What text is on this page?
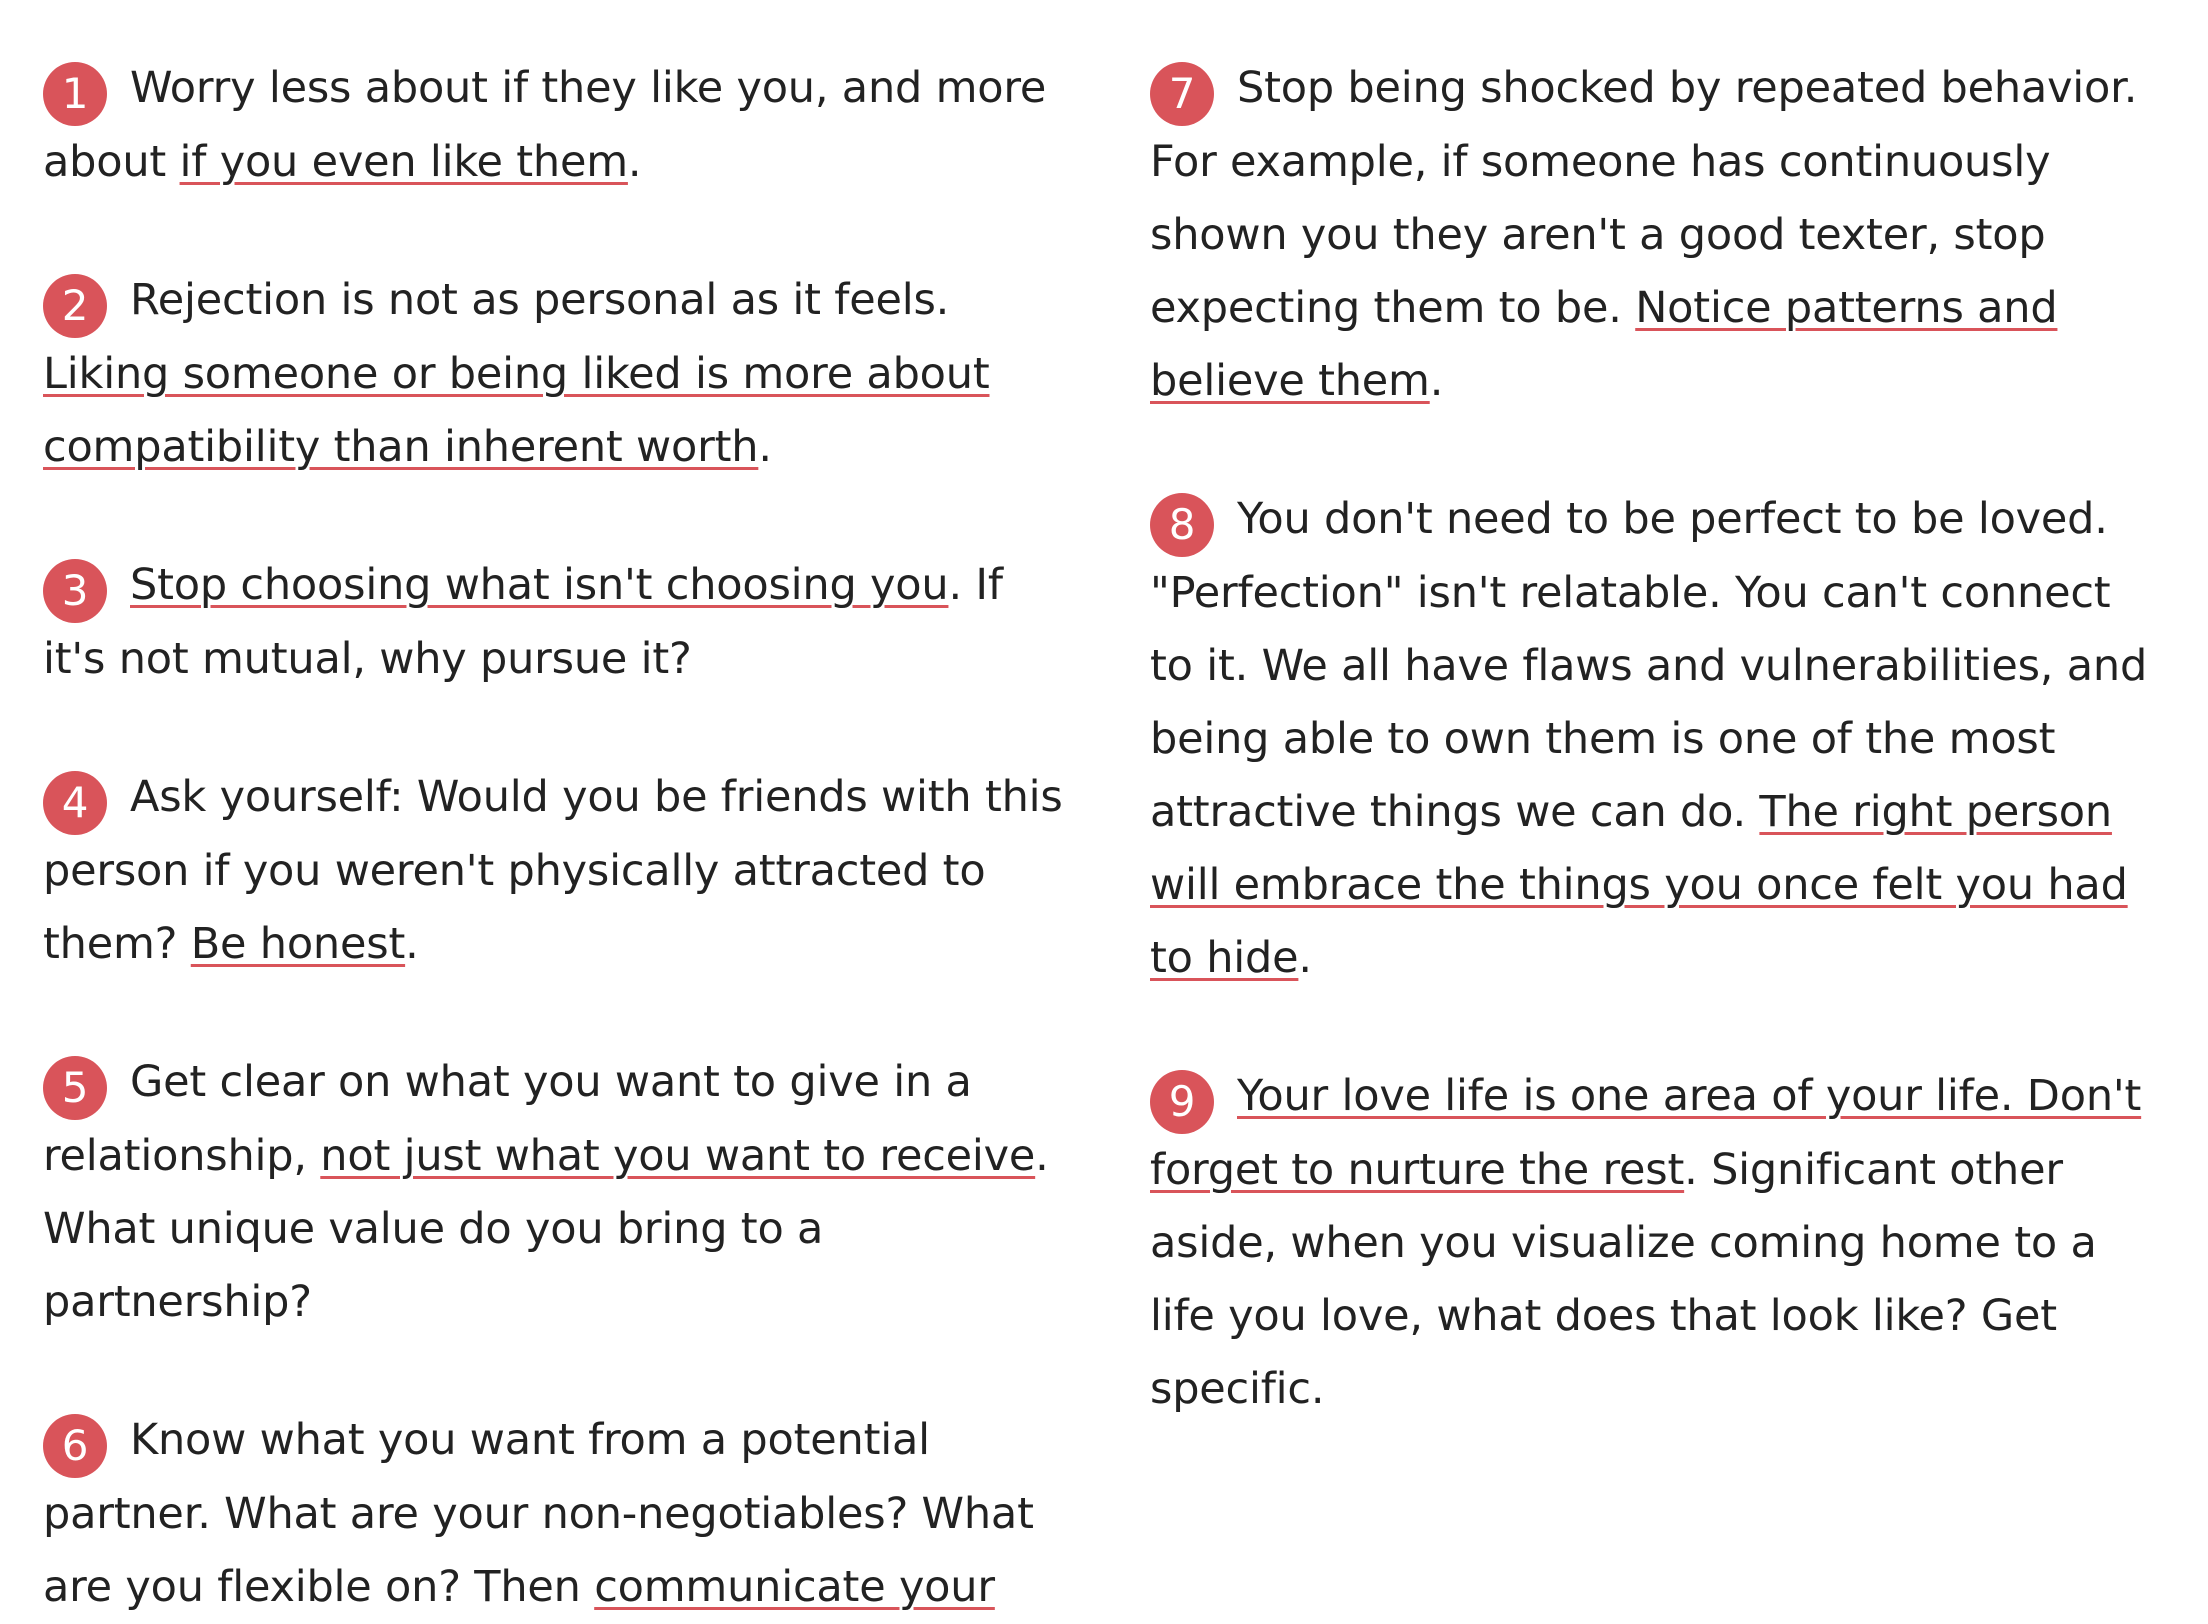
1 Worry less about if they like you, and more about if you even like them.

2 Rejection is not as personal as it feels. Liking someone or being liked is more about compatibility than inherent worth.

3 Stop choosing what isn't choosing you. If it's not mutual, why pursue it?

4 Ask yourself: Would you be friends with this person if you weren't physically attracted to them? Be honest.

5 Get clear on what you want to give in a relationship, not just what you want to receive. What unique value do you bring to a partnership?

6 Know what you want from a potential partner. What are your non-negotiables? What are you flexible on? Then communicate your

7 Stop being shocked by repeated behavior. For example, if someone has continuously shown you they aren't a good texter, stop expecting them to be. Notice patterns and believe them.

8 You don't need to be perfect to be loved. "Perfection" isn't relatable. You can't connect to it. We all have flaws and vulnerabilities, and being able to own them is one of the most attractive things we can do. The right person will embrace the things you once felt you had to hide.

9 Your love life is one area of your life. Don't forget to nurture the rest. Significant other aside, when you visualize coming home to a life you love, what does that look like? Get specific.
